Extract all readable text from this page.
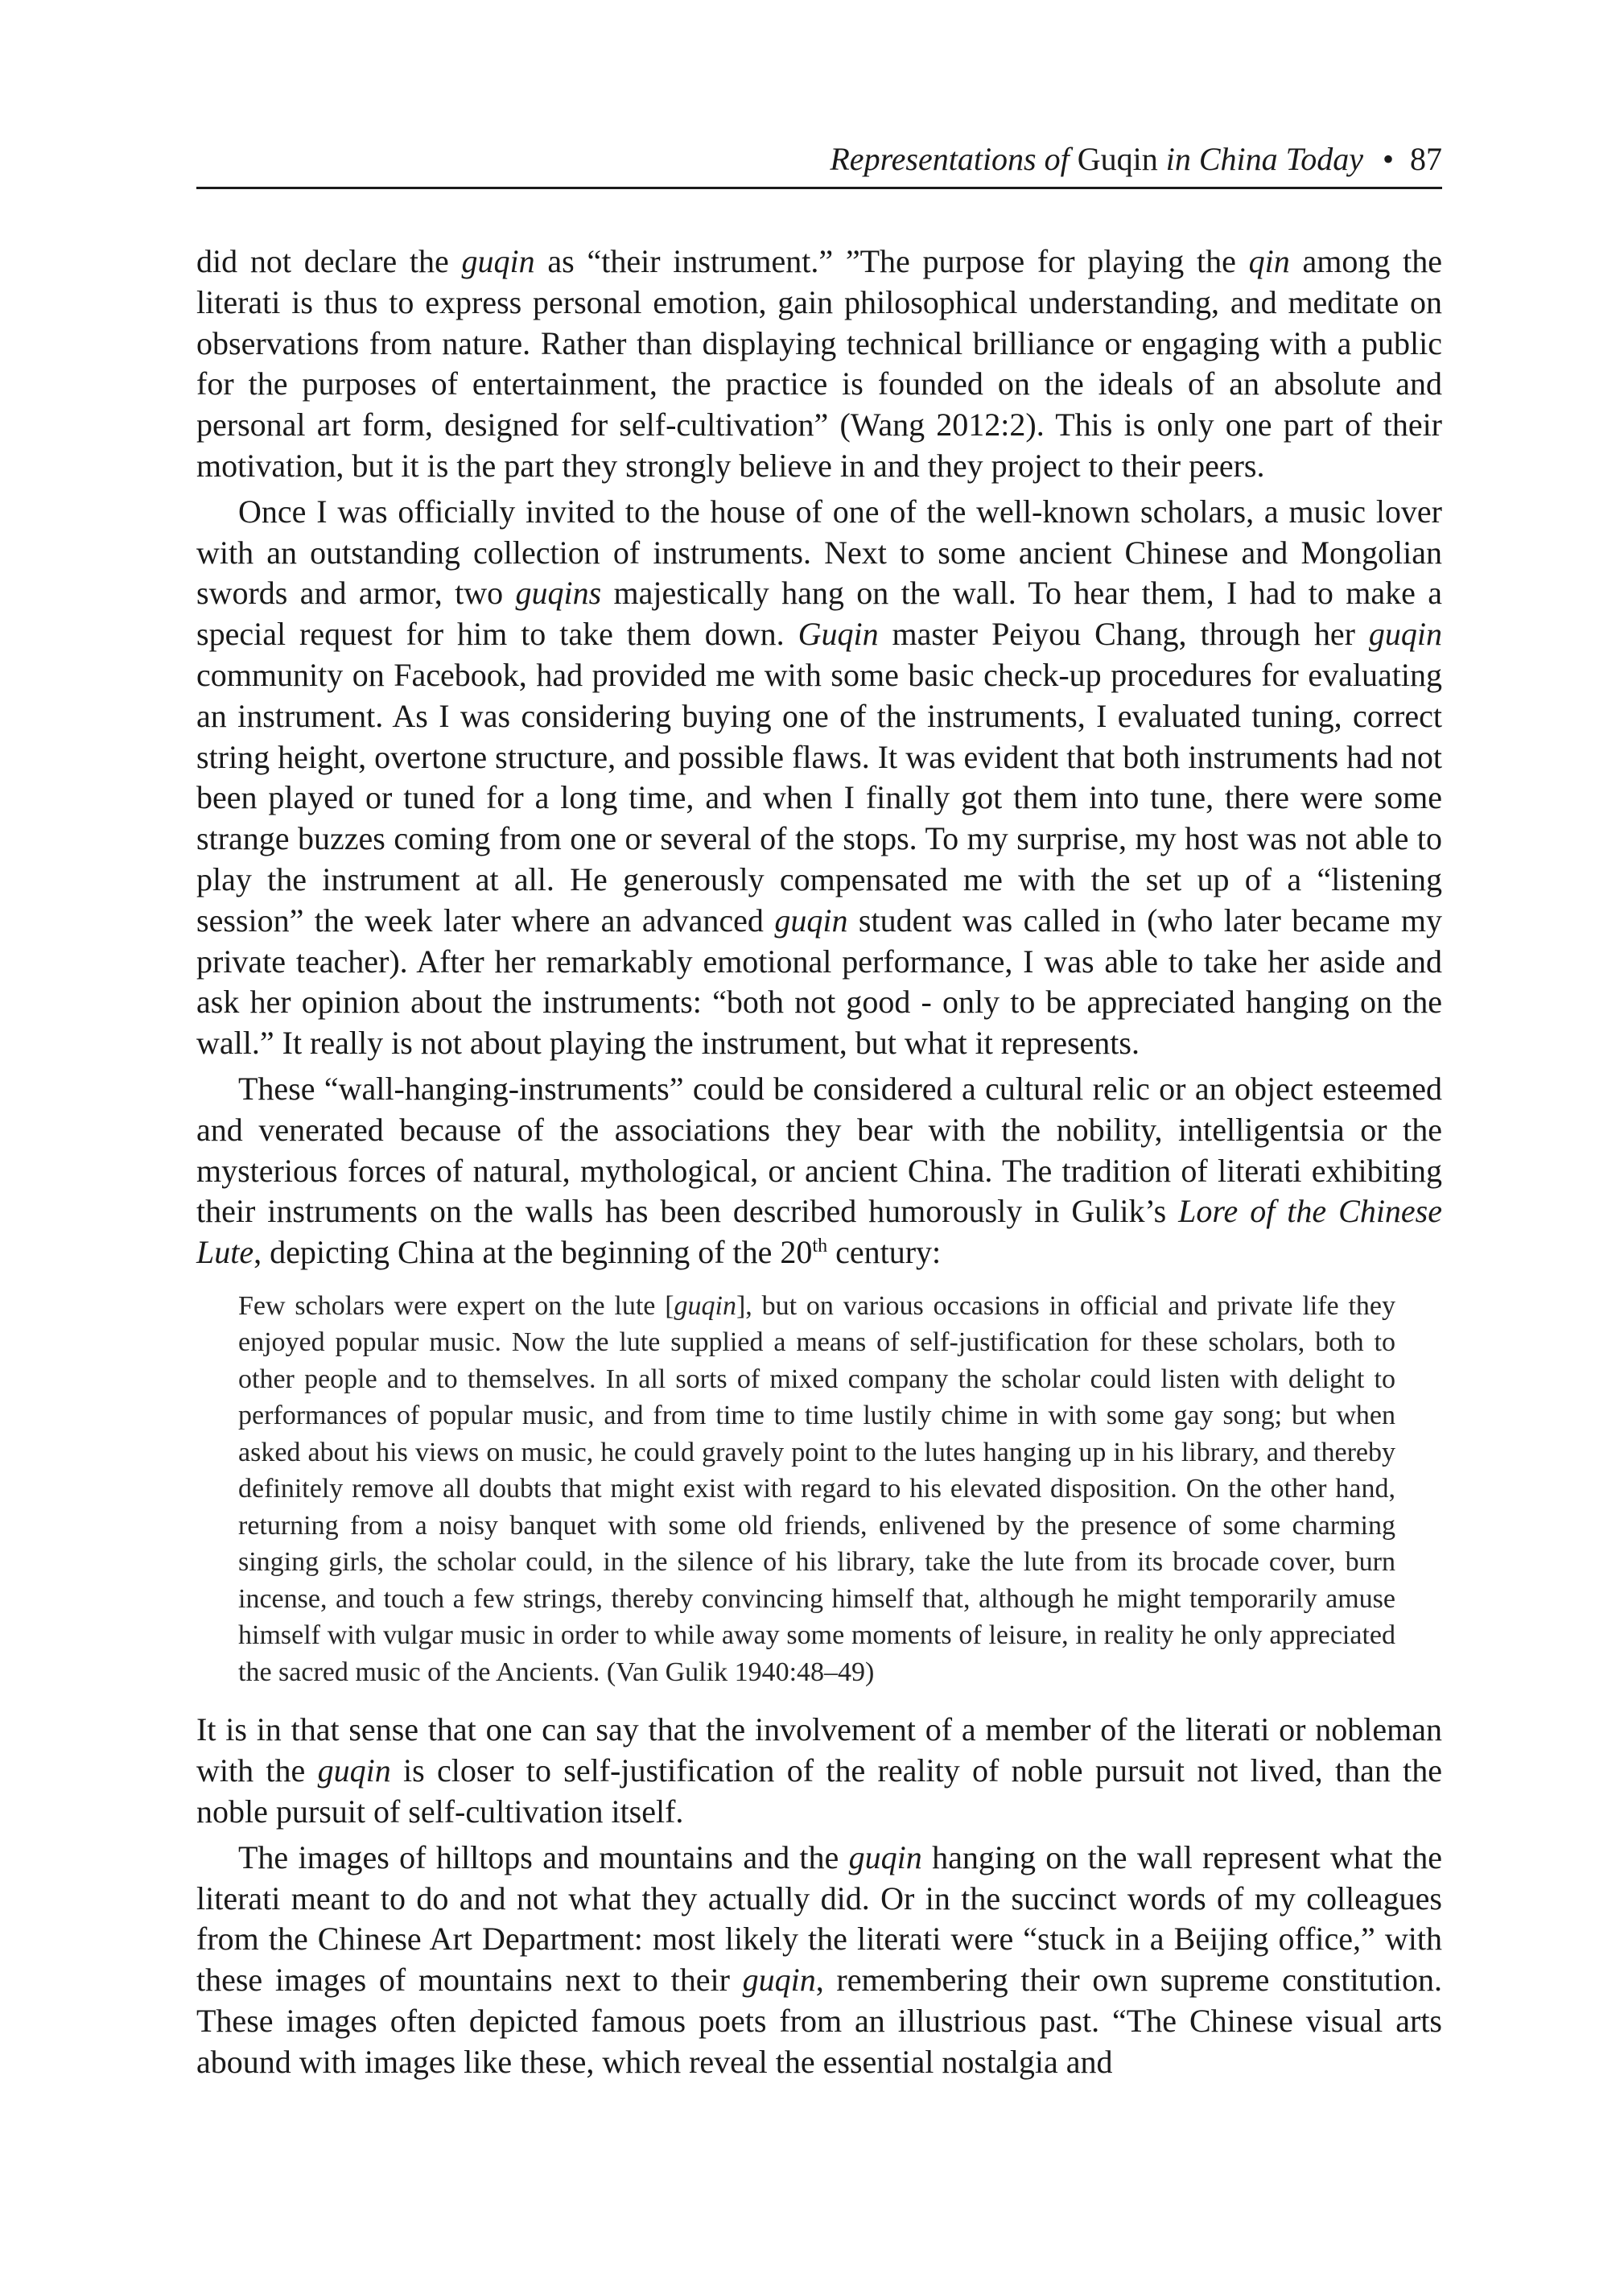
Representations of Guqin in China Today • 87

did not declare the guqin as “their instrument.” ”The purpose for playing the qin among the literati is thus to express personal emotion, gain philosophical understanding, and meditate on observations from nature. Rather than displaying technical brilliance or engaging with a public for the purposes of entertainment, the practice is founded on the ideals of an absolute and personal art form, designed for self-cultivation” (Wang 2012:2). This is only one part of their motivation, but it is the part they strongly believe in and they project to their peers.

Once I was officially invited to the house of one of the well-known scholars, a music lover with an outstanding collection of instruments. Next to some ancient Chinese and Mongolian swords and armor, two guqins majestically hang on the wall. To hear them, I had to make a special request for him to take them down. Guqin master Peiyou Chang, through her guqin community on Facebook, had provided me with some basic check-up procedures for evaluating an instrument. As I was considering buying one of the instruments, I evaluated tuning, correct string height, overtone structure, and possible flaws. It was evident that both instruments had not been played or tuned for a long time, and when I finally got them into tune, there were some strange buzzes coming from one or several of the stops. To my surprise, my host was not able to play the instrument at all. He generously compensated me with the set up of a “listening session” the week later where an advanced guqin student was called in (who later became my private teacher). After her remarkably emotional performance, I was able to take her aside and ask her opinion about the instruments: “both not good - only to be appreciated hanging on the wall.” It really is not about playing the instrument, but what it represents.

These “wall-hanging-instruments” could be considered a cultural relic or an object esteemed and venerated because of the associations they bear with the nobility, intelligentsia or the mysterious forces of natural, mythological, or ancient China. The tradition of literati exhibiting their instruments on the walls has been described humorously in Gulik’s Lore of the Chinese Lute, depicting China at the beginning of the 20th century:

Few scholars were expert on the lute [guqin], but on various occasions in official and private life they enjoyed popular music. Now the lute supplied a means of self-justification for these scholars, both to other people and to themselves. In all sorts of mixed company the scholar could listen with delight to performances of popular music, and from time to time lustily chime in with some gay song; but when asked about his views on music, he could gravely point to the lutes hanging up in his library, and thereby definitely remove all doubts that might exist with regard to his elevated disposition. On the other hand, returning from a noisy banquet with some old friends, enlivened by the presence of some charming singing girls, the scholar could, in the silence of his library, take the lute from its brocade cover, burn incense, and touch a few strings, thereby convincing himself that, although he might temporarily amuse himself with vulgar music in order to while away some moments of leisure, in reality he only appreciated the sacred music of the Ancients. (Van Gulik 1940:48–49)

It is in that sense that one can say that the involvement of a member of the literati or nobleman with the guqin is closer to self-justification of the reality of noble pursuit not lived, than the noble pursuit of self-cultivation itself.

The images of hilltops and mountains and the guqin hanging on the wall represent what the literati meant to do and not what they actually did. Or in the succinct words of my colleagues from the Chinese Art Department: most likely the literati were “stuck in a Beijing office,” with these images of mountains next to their guqin, remembering their own supreme constitution. These images often depicted famous poets from an illustrious past. “The Chinese visual arts abound with images like these, which reveal the essential nostalgia and
